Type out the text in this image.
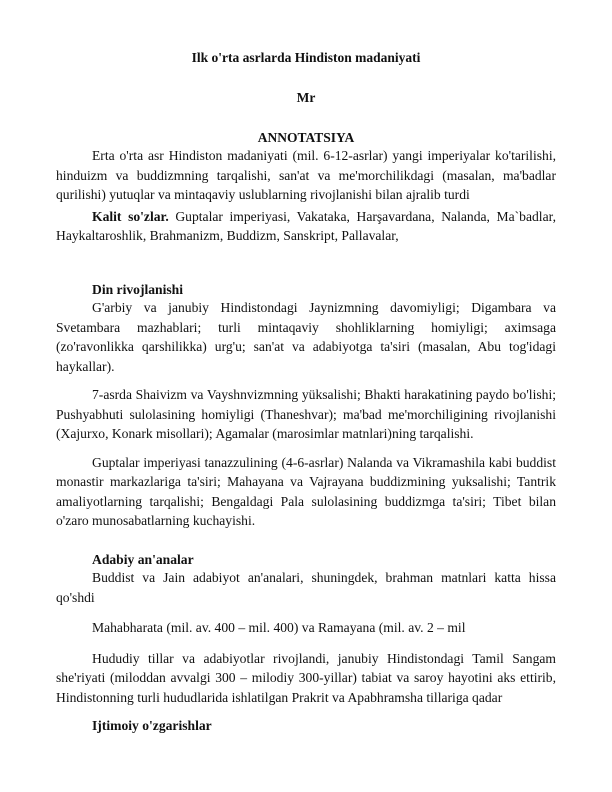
Ilk o'rta asrlarda Hindiston madaniyati
Mr
ANNOTATSIYA

Erta o'rta asr Hindiston madaniyati (mil. 6-12-asrlar) yangi imperiyalar ko'tarilishi, hinduizm va buddizmning tarqalishi, san'at va me'morchilikdagi (masalan, ma'badlar qurilishi) yutuqlar va mintaqaviy uslublarning rivojlanishi bilan ajralib turdi

Kalit so'zlar. Guptalar imperiyasi, Vakataka, Harşavardana, Nalanda, Ma`badlar, Haykaltaroshlik, Brahmanizm, Buddizm, Sanskript, Pallavalar,

Din rivojlanishi

G'arbiy va janubiy Hindistondagi Jaynizmning davomiyligi; Digambara va Svetambara mazhablari; turli mintaqaviy shohliklarning homiyligi; aximsaga (zo'ravonlikka qarshilikka) urg'u; san'at va adabiyotga ta'siri (masalan, Abu tog'idagi haykallar).

7-asrda Shaivizm va Vayshnvizmning yüksalishi; Bhakti harakatining paydo bo'lishi; Pushyabhuti sulolasining homiyligi (Thaneshvar); ma'bad me'morchiligining rivojlanishi (Xajurxo, Konark misollari); Agamalar (marosimlar matnlari)ning tarqalishi.

Guptalar imperiyasi tanazzulining (4-6-asrlar) Nalanda va Vikramashila kabi buddist monastir markazlariga ta'siri; Mahayana va Vajrayana buddizmining yuksalishi; Tantrik amaliyotlarning tarqalishi; Bengaldagi Pala sulolasining buddizmga ta'siri; Tibet bilan o'zaro munosabatlarning kuchayishi.

Adabiy an'analar

Buddist va Jain adabiyot an'analari, shuningdek, brahman matnlari katta hissa qo'shdi

Mahabharata (mil. av. 400 – mil. 400) va Ramayana (mil. av. 2 – mil

Hududiy tillar va adabiyotlar rivojlandi, janubiy Hindistondagi Tamil Sangam she'riyati (miloddan avvalgi 300 – milodiy 300-yillar) tabiat va saroy hayotini aks ettirib, Hindistonning turli hududlarida ishlatilgan Prakrit va Apabhramsha tillariga qadar

Ijtimoiy o'zgarishlar
